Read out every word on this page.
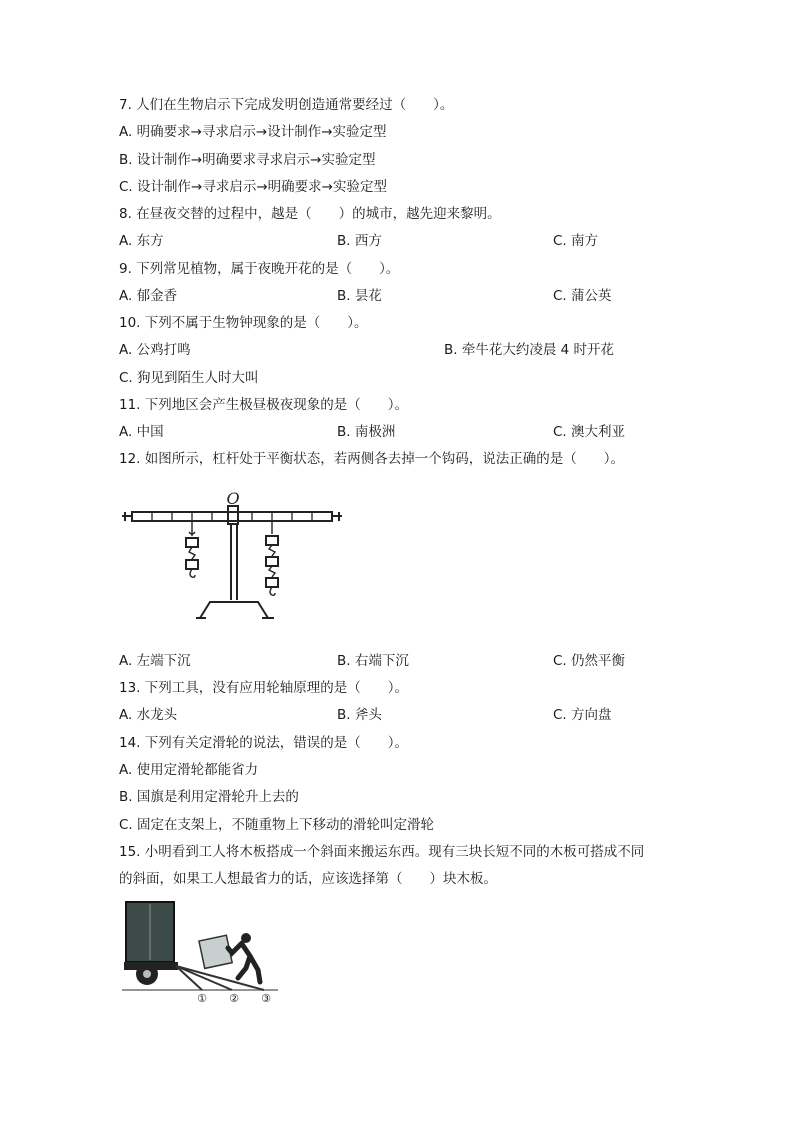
7. 人们在生物启示下完成发明创造通常要经过（　　）。
A. 明确要求→寻求启示→设计制作→实验定型
B. 设计制作→明确要求寻求启示→实验定型
C. 设计制作→寻求启示→明确要求→实验定型
8. 在昼夜交替的过程中，越是（　　）的城市，越先迎来黎明。
A. 东方	B. 西方	C. 南方
9. 下列常见植物，属于夜晚开花的是（　　）。
A. 郁金香	B. 昙花	C. 蒲公英
10. 下列不属于生物钟现象的是（　　）。
A. 公鸡打鸣	B. 牵牛花大约凌晨 4 时开花
C. 狗见到陌生人时大叫
11. 下列地区会产生极昼极夜现象的是（　　）。
A. 中国	B. 南极洲	C. 澳大利亚
12. 如图所示，杠杆处于平衡状态，若两侧各去掉一个钩码，说法正确的是（　　）。
O
A. 左端下沉	B. 右端下沉	C. 仍然平衡
13. 下列工具，没有应用轮轴原理的是（　　）。
A. 水龙头	B. 斧头	C. 方向盘
14. 下列有关定滑轮的说法，错误的是（　　）。
A. 使用定滑轮都能省力
B. 国旗是利用定滑轮升上去的
C. 固定在支架上，不随重物上下移动的滑轮叫定滑轮
15. 小明看到工人将木板搭成一个斜面来搬运东西。现有三块长短不同的木板可搭成不同
的斜面，如果工人想最省力的话，应该选择第（　　）块木板。
① ② ③
